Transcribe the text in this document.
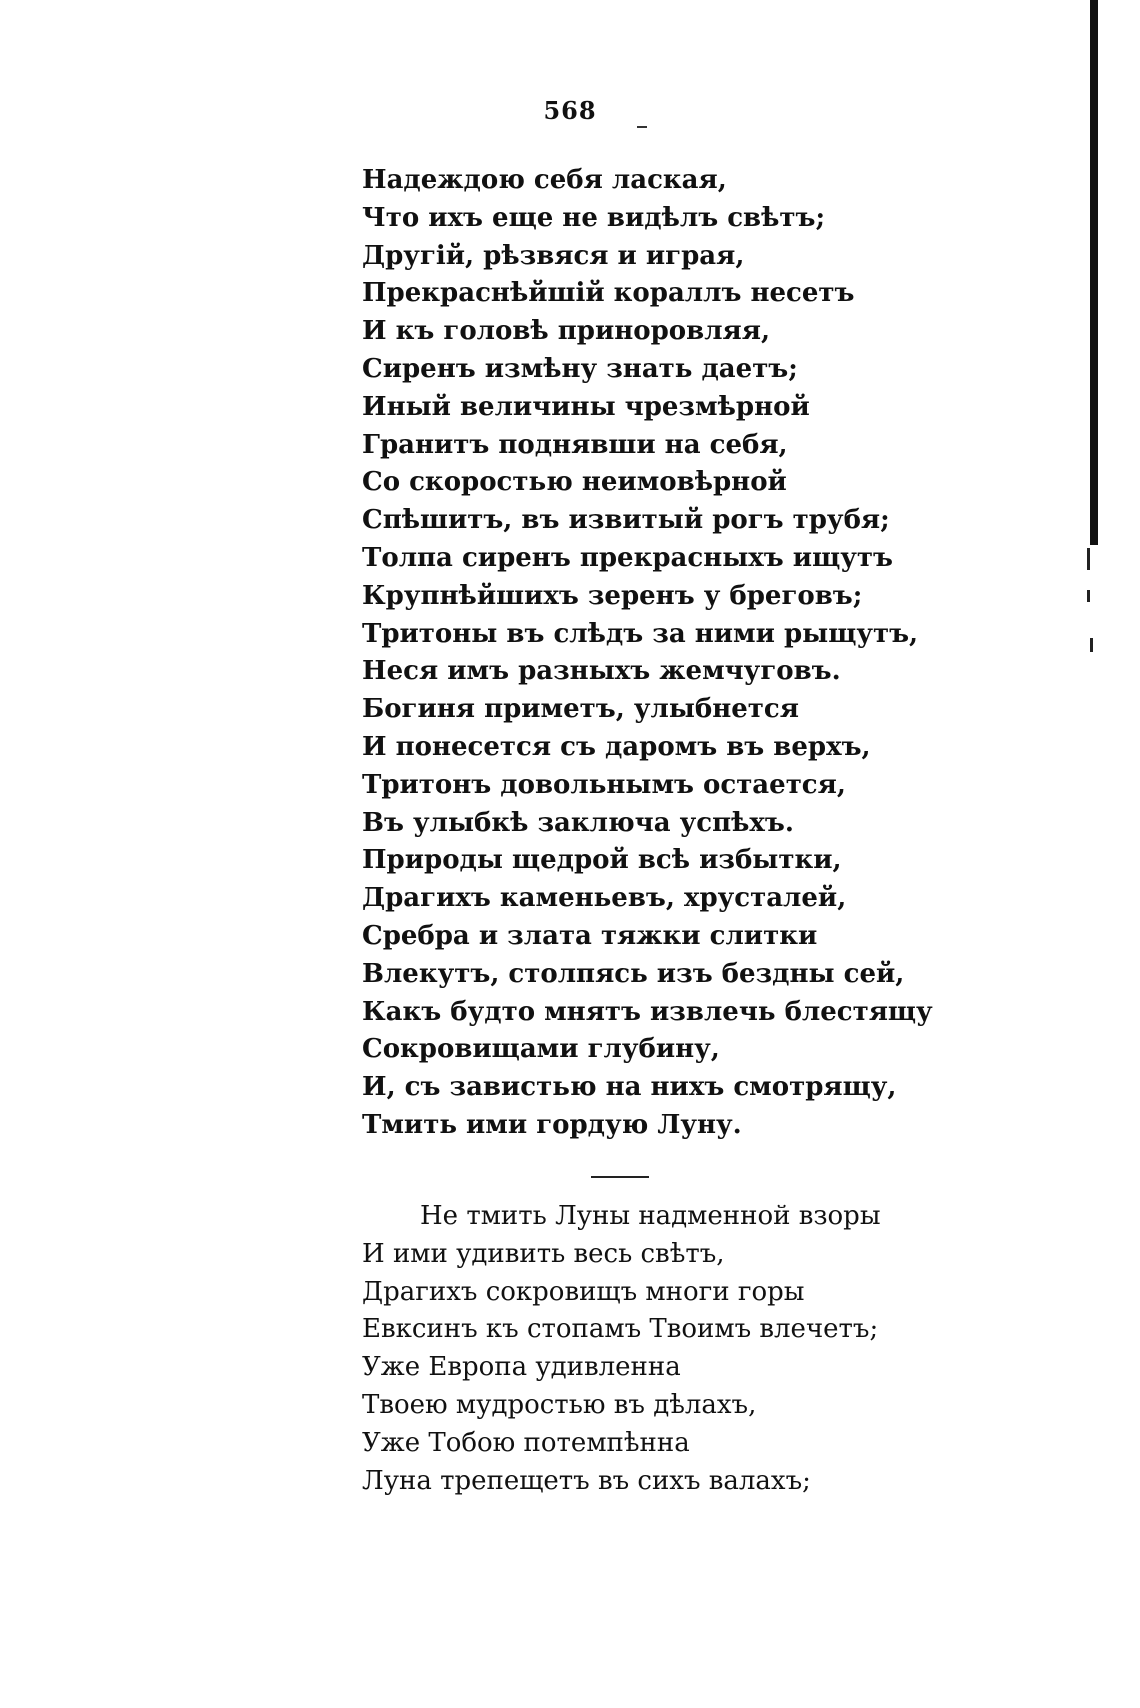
568
Надеждою себя лаская,
Что ихъ еще не видѣлъ свѣтъ;
Другій, рѣзвяся и играя,
Прекраснѣйшій кораллъ несетъ
И къ головѣ приноровляя,
Сиренъ измѣну знать даетъ;
Иный величины чрезмѣрной
Гранитъ поднявши на себя,
Со скоростью неимовѣрной
Спѣшитъ, въ извитый рогъ трубя;
Толпа сиренъ прекрасныхъ ищутъ
Крупнѣйшихъ зеренъ у бреговъ;
Тритоны въ слѣдъ за ними рыщутъ,
Неся имъ разныхъ жемчуговъ.
Богиня приметъ, улыбнется
И понесется съ даромъ въ верхъ,
Тритонъ довольнымъ остается,
Въ улыбкѣ заключа успѣхъ.
Природы щедрой всѣ избытки,
Драгихъ каменьевъ, хрусталей,
Сребра и злата тяжки слитки
Влекутъ, столпясь изъ бездны сей,
Какъ будто мнятъ извлечь блестящу
Сокровищами глубину,
И, съ завистью на нихъ смотрящу,
Тмить ими гордую Луну.
Не тмить Луны надменной взоры
И ими удивить весь свѣтъ,
Драгихъ сокровищъ многи горы
Евксинъ къ стопамъ Твоимъ влечетъ;
Уже Европа удивленна
Твоею мудростью въ дѣлахъ,
Уже Тобою потемпѣнна
Луна трепещетъ въ сихъ валахъ;
